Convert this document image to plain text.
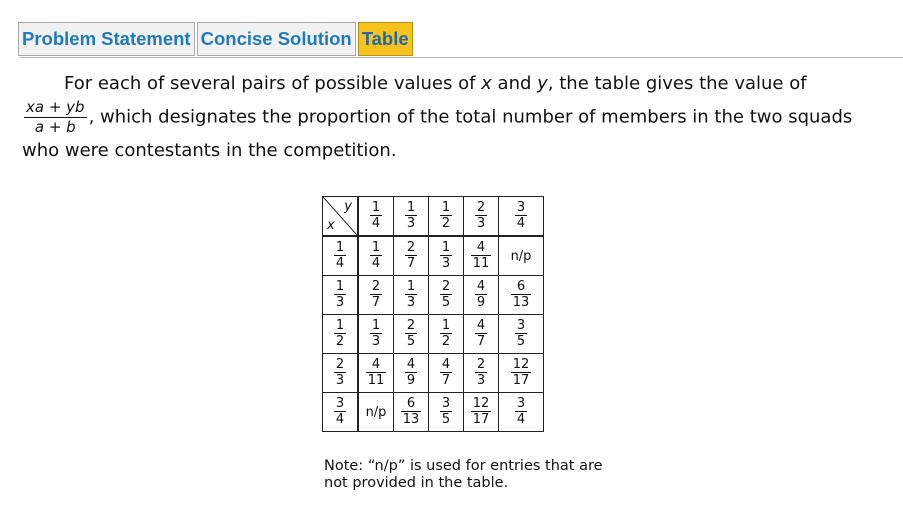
Problem Statement Concise Solution Table
For each of several pairs of possible values of x and y, the table gives the value of

$\frac{xa + yb}{a + b}$ , which designates the proportion of the total number of members in the two squads who were contestants in the competition.
y
x	$\frac{1}{4}$	$\frac{1}{3}$	$\frac{1}{2}$	$\frac{2}{3}$	$\frac{3}{4}$

$\frac{1}{4}$	$\frac{1}{4}$	$\frac{2}{7}$	$\frac{1}{3}$	$\frac{4}{11}$	n/p

$\frac{1}{3}$	$\frac{2}{7}$	$\frac{1}{3}$	$\frac{2}{5}$	$\frac{4}{9}$	$\frac{6}{13}$

$\frac{1}{2}$	$\frac{1}{3}$	$\frac{2}{5}$	$\frac{1}{2}$	$\frac{4}{7}$	$\frac{3}{5}$

$\frac{2}{3}$	$\frac{4}{11}$	$\frac{4}{9}$	$\frac{4}{7}$	$\frac{2}{3}$	$\frac{12}{17}$

$\frac{3}{4}$	n/p	$\frac{6}{13}$	$\frac{3}{5}$	$\frac{12}{17}$	$\frac{3}{4}$
Note: “n/p” is used for entries that are not provided in the table.
